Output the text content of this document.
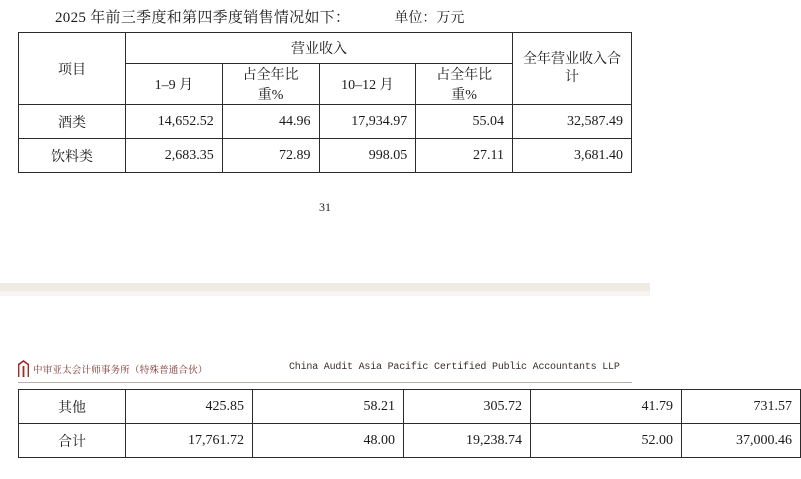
2025 年前三季度和第四季度销售情况如下：	单位：万元
项目	营业收入				全年营业收入合计
	1–9 月	占全年比重%	10–12 月	占全年比重%	
酒类	14,652.52	44.96	17,934.97	55.04	32,587.49
饮料类	2,683.35	72.89	998.05	27.11	3,681.40
31
中审亚太会计师事务所（特殊普通合伙）	China Audit Asia Pacific Certified Public Accountants LLP
其他	425.85	58.21	305.72	41.79	731.57
合计	17,761.72	48.00	19,238.74	52.00	37,000.46
